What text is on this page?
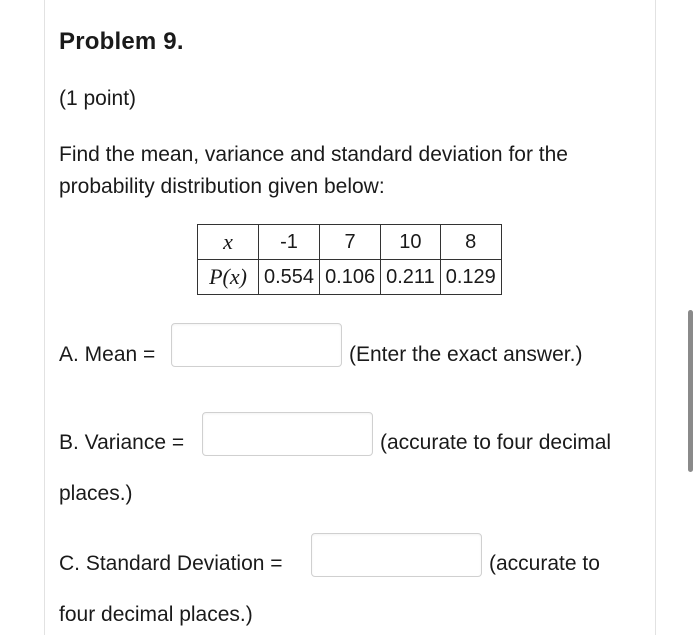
Problem 9.
(1 point)
Find the mean, variance and standard deviation for the probability distribution given below:
x	-1	7	10	8
P(x)	0.554	0.106	0.211	0.129
A. Mean =	(Enter the exact answer.)
B. Variance =	(accurate to four decimal
places.)
C. Standard Deviation =	(accurate to
four decimal places.)
